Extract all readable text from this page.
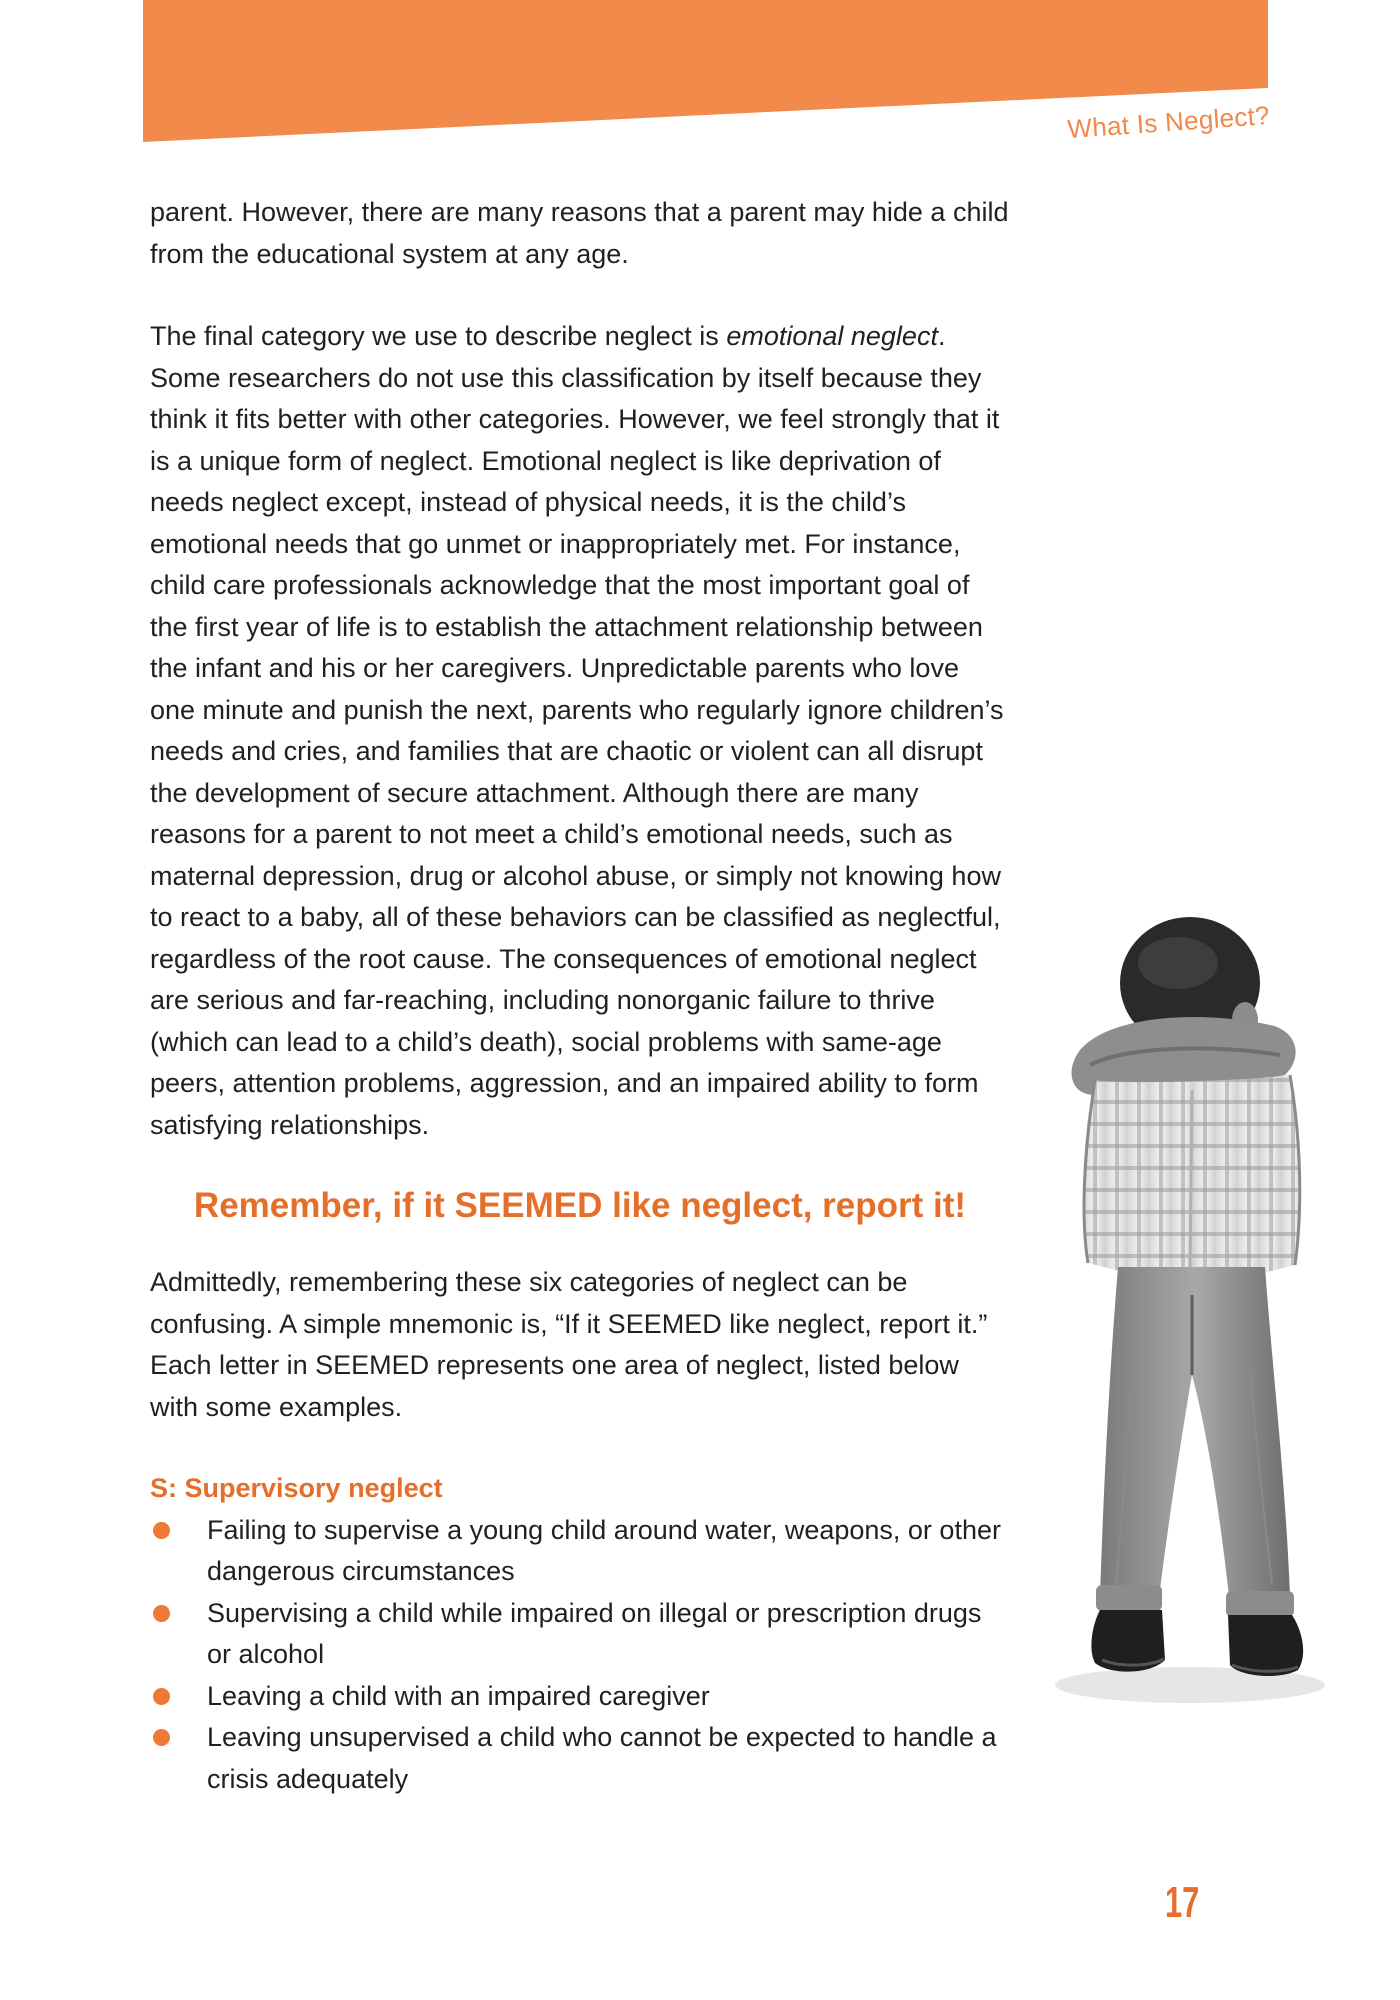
What Is Neglect?

parent. However, there are many reasons that a parent may hide a child from the educational system at any age.

The final category we use to describe neglect is emotional neglect. Some researchers do not use this classification by itself because they think it fits better with other categories. However, we feel strongly that it is a unique form of neglect. Emotional neglect is like deprivation of needs neglect except, instead of physical needs, it is the child’s emotional needs that go unmet or inappropriately met. For instance, child care professionals acknowledge that the most important goal of the first year of life is to establish the attachment relationship between the infant and his or her caregivers. Unpredictable parents who love one minute and punish the next, parents who regularly ignore children’s needs and cries, and families that are chaotic or violent can all disrupt the development of secure attachment. Although there are many reasons for a parent to not meet a child’s emotional needs, such as maternal depression, drug or alcohol abuse, or simply not knowing how to react to a baby, all of these behaviors can be classified as neglectful, regardless of the root cause. The consequences of emotional neglect are serious and far-reaching, including nonorganic failure to thrive (which can lead to a child’s death), social problems with same-age peers, attention problems, aggression, and an impaired ability to form satisfying relationships.

Remember, if it SEEMED like neglect, report it!

Admittedly, remembering these six categories of neglect can be confusing. A simple mnemonic is, “If it SEEMED like neglect, report it.” Each letter in SEEMED represents one area of neglect, listed below with some examples.

S: Supervisory neglect

Failing to supervise a young child around water, weapons, or other dangerous circumstances
Supervising a child while impaired on illegal or prescription drugs or alcohol
Leaving a child with an impaired caregiver
Leaving unsupervised a child who cannot be expected to handle a crisis adequately
17
